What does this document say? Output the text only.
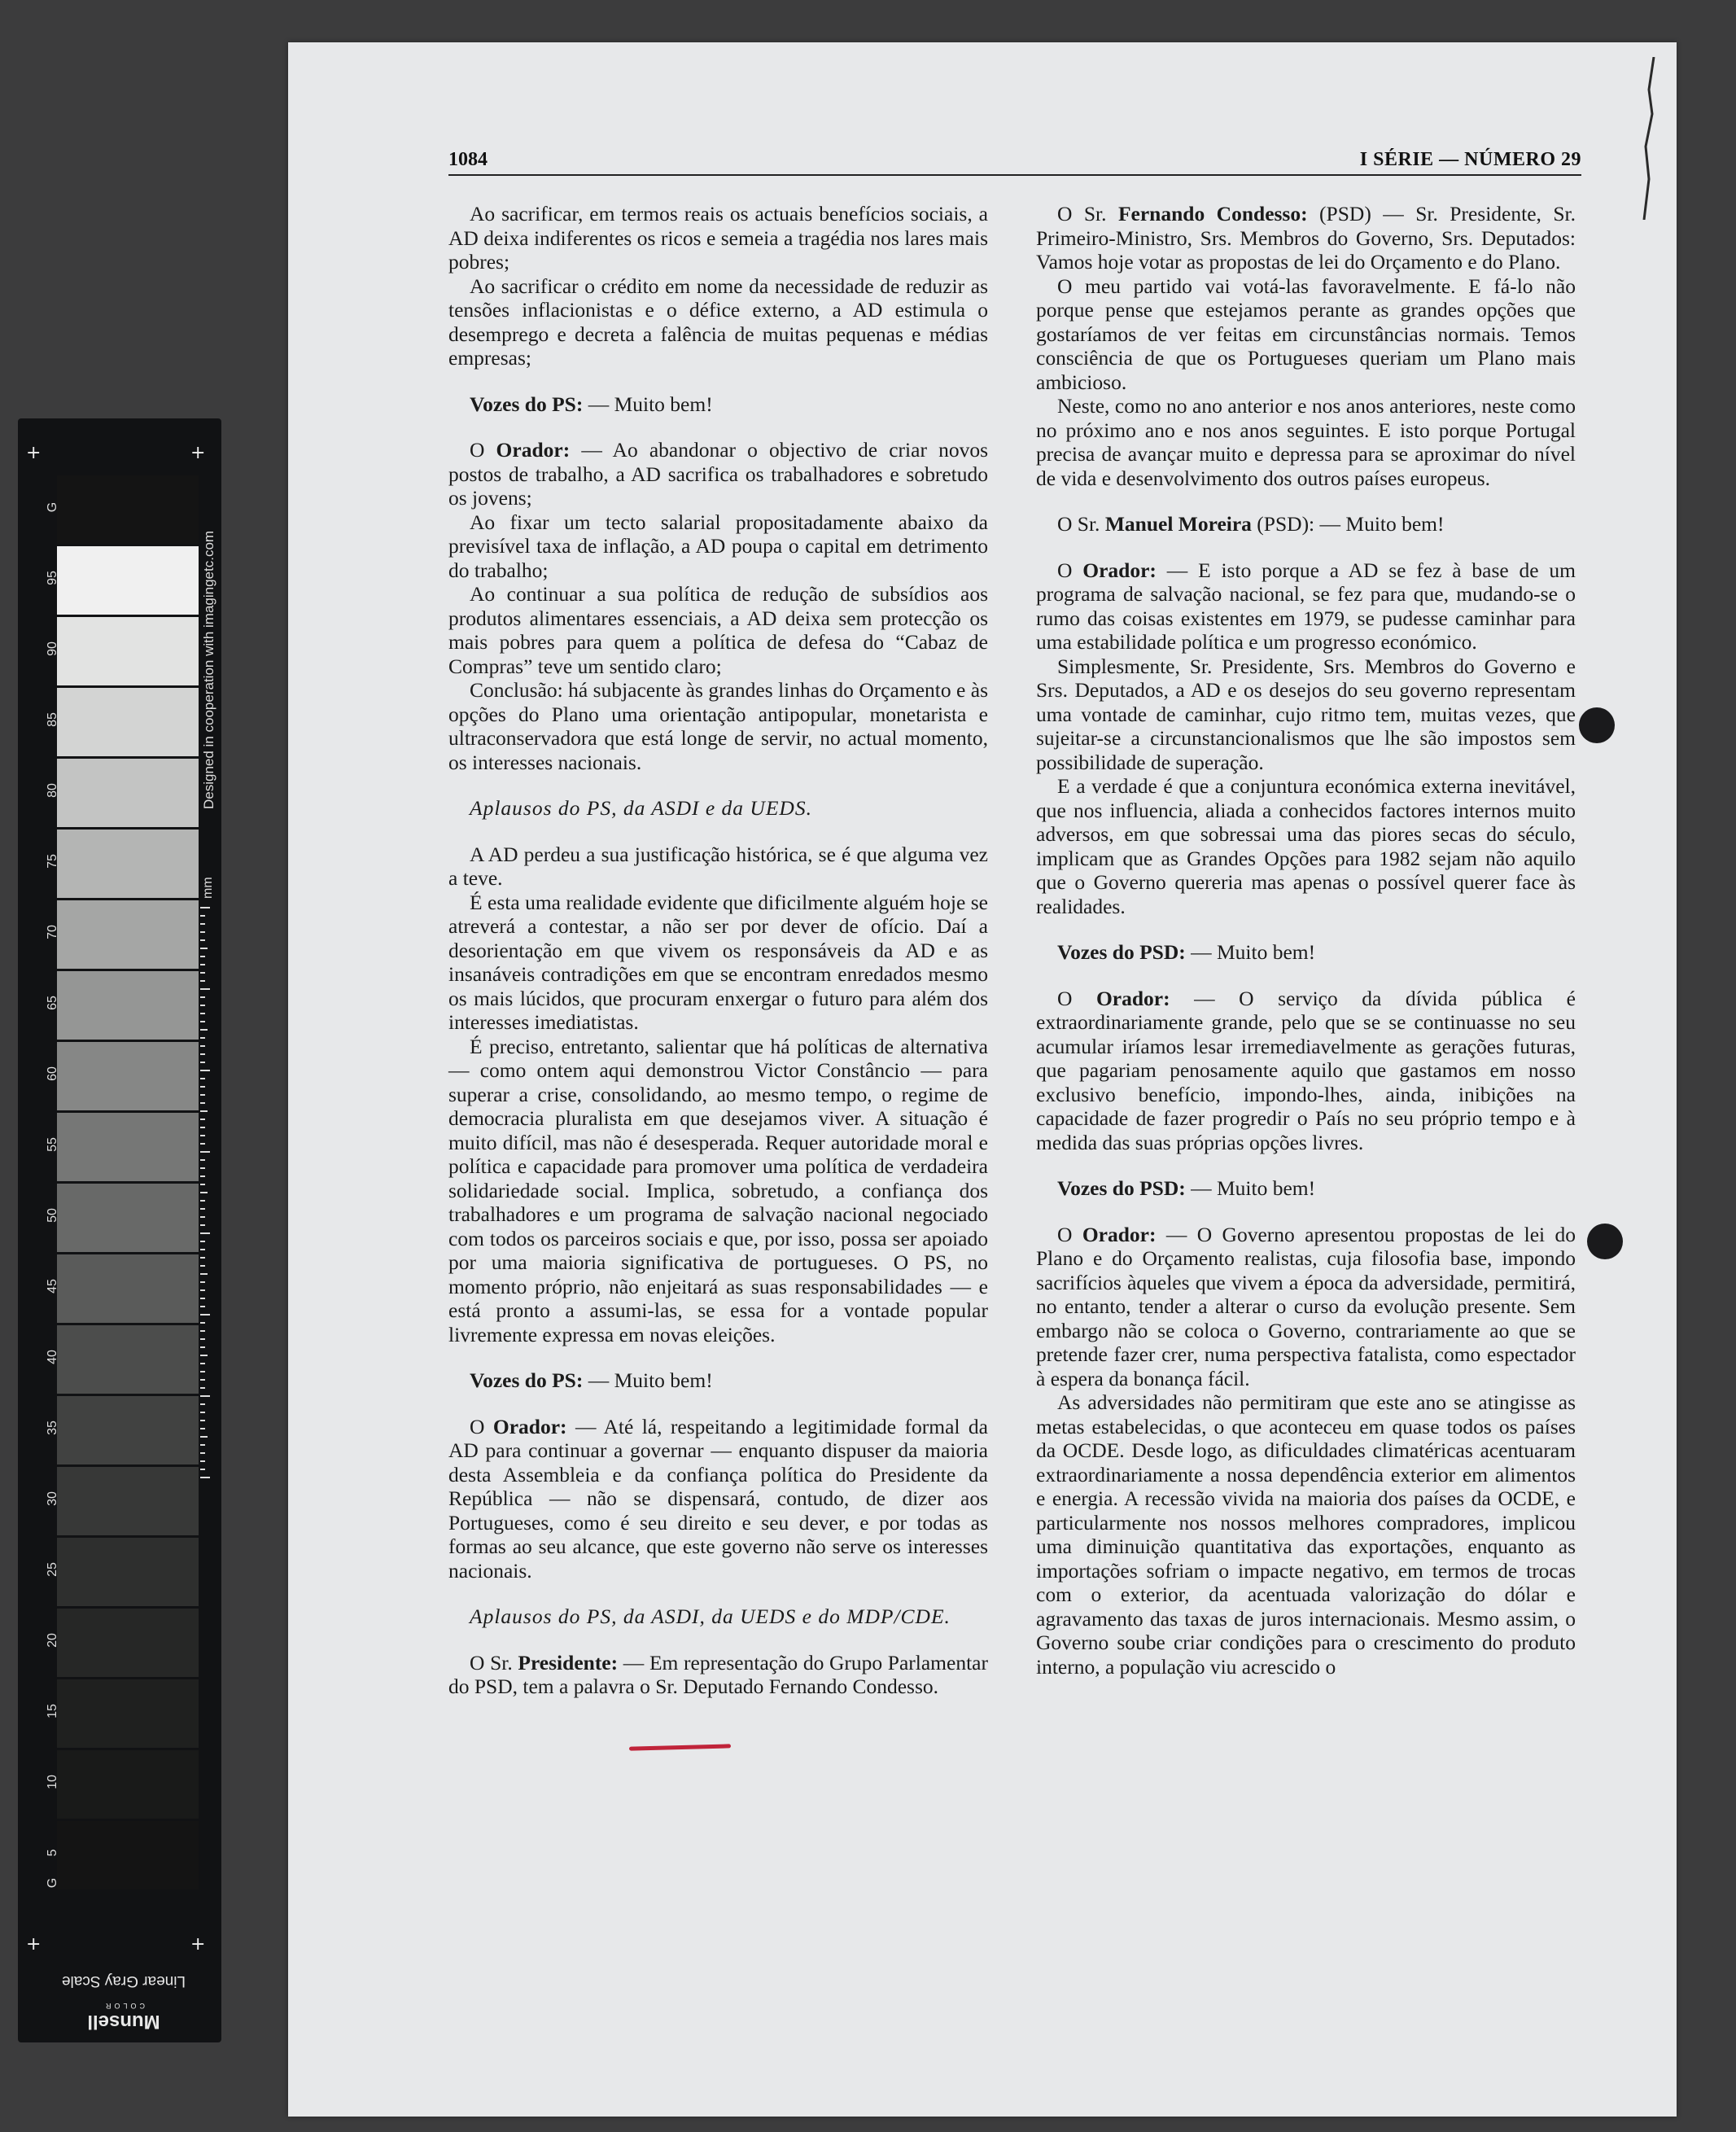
1084	I SÉRIE — NÚMERO 29

Ao sacrificar, em termos reais os actuais benefícios sociais, a AD deixa indiferentes os ricos e semeia a tragédia nos lares mais pobres;

Ao sacrificar o crédito em nome da necessidade de reduzir as tensões inflacionistas e o défice externo, a AD estimula o desemprego e decreta a falência de muitas pequenas e médias empresas;

Vozes do PS: — Muito bem!

O Orador: — Ao abandonar o objectivo de criar novos postos de trabalho, a AD sacrifica os trabalhadores e sobretudo os jovens;

Ao fixar um tecto salarial propositadamente abaixo da previsível taxa de inflação, a AD poupa o capital em detrimento do trabalho;

Ao continuar a sua política de redução de subsídios aos produtos alimentares essenciais, a AD deixa sem protecção os mais pobres para quem a política de defesa do “Cabaz de Compras” teve um sentido claro;

Conclusão: há subjacente às grandes linhas do Orçamento e às opções do Plano uma orientação antipopular, monetarista e ultraconservadora que está longe de servir, no actual momento, os interesses nacionais.

Aplausos do PS, da ASDI e da UEDS.

A AD perdeu a sua justificação histórica, se é que alguma vez a teve.

É esta uma realidade evidente que dificilmente alguém hoje se atreverá a contestar, a não ser por dever de ofício. Daí a desorientação em que vivem os responsáveis da AD e as insanáveis contradições em que se encontram enredados mesmo os mais lúcidos, que procuram enxergar o futuro para além dos interesses imediatistas.

É preciso, entretanto, salientar que há políticas de alternativa — como ontem aqui demonstrou Victor Constâncio — para superar a crise, consolidando, ao mesmo tempo, o regime de democracia pluralista em que desejamos viver. A situação é muito difícil, mas não é desesperada. Requer autoridade moral e política e capacidade para promover uma política de verdadeira solidariedade social. Implica, sobretudo, a confiança dos trabalhadores e um programa de salvação nacional negociado com todos os parceiros sociais e que, por isso, possa ser apoiado por uma maioria significativa de portugueses. O PS, no momento próprio, não enjeitará as suas responsabilidades — e está pronto a assumi-las, se essa for a vontade popular livremente expressa em novas eleições.

Vozes do PS: — Muito bem!

O Orador: — Até lá, respeitando a legitimidade formal da AD para continuar a governar — enquanto dispuser da maioria desta Assembleia e da confiança política do Presidente da República — não se dispensará, contudo, de dizer aos Portugueses, como é seu direito e seu dever, e por todas as formas ao seu alcance, que este governo não serve os interesses nacionais.

Aplausos do PS, da ASDI, da UEDS e do MDP/CDE.

O Sr. Presidente: — Em representação do Grupo Parlamentar do PSD, tem a palavra o Sr. Deputado Fernando Condesso.

O Sr. Fernando Condesso: (PSD) — Sr. Presidente, Sr. Primeiro-Ministro, Srs. Membros do Governo, Srs. Deputados: Vamos hoje votar as propostas de lei do Orçamento e do Plano.

O meu partido vai votá-las favoravelmente. E fá-lo não porque pense que estejamos perante as grandes opções que gostaríamos de ver feitas em circunstâncias normais. Temos consciência de que os Portugueses queriam um Plano mais ambicioso.

Neste, como no ano anterior e nos anos anteriores, neste como no próximo ano e nos anos seguintes. E isto porque Portugal precisa de avançar muito e depressa para se aproximar do nível de vida e desenvolvimento dos outros países europeus.

O Sr. Manuel Moreira (PSD): — Muito bem!

O Orador: — E isto porque a AD se fez à base de um programa de salvação nacional, se fez para que, mudando-se o rumo das coisas existentes em 1979, se pudesse caminhar para uma estabilidade política e um progresso económico.

Simplesmente, Sr. Presidente, Srs. Membros do Governo e Srs. Deputados, a AD e os desejos do seu governo representam uma vontade de caminhar, cujo ritmo tem, muitas vezes, que sujeitar-se a circunstancionalismos que lhe são impostos sem possibilidade de superação.

E a verdade é que a conjuntura económica externa inevitável, que nos influencia, aliada a conhecidos factores internos muito adversos, em que sobressai uma das piores secas do século, implicam que as Grandes Opções para 1982 sejam não aquilo que o Governo quereria mas apenas o possível querer face às realidades.

Vozes do PSD: — Muito bem!

O Orador: — O serviço da dívida pública é extraordinariamente grande, pelo que se se continuasse no seu acumular iríamos lesar irremediavelmente as gerações futuras, que pagariam penosamente aquilo que gastamos em nosso exclusivo benefício, impondo-lhes, ainda, inibições na capacidade de fazer progredir o País no seu próprio tempo e à medida das suas próprias opções livres.

Vozes do PSD: — Muito bem!

O Orador: — O Governo apresentou propostas de lei do Plano e do Orçamento realistas, cuja filosofia base, impondo sacrifícios àqueles que vivem a época da adversidade, permitirá, no entanto, tender a alterar o curso da evolução presente. Sem embargo não se coloca o Governo, contrariamente ao que se pretende fazer crer, numa perspectiva fatalista, como espectador à espera da bonança fácil.

As adversidades não permitiram que este ano se atingisse as metas estabelecidas, o que aconteceu em quase todos os países da OCDE. Desde logo, as dificuldades climatéricas acentuaram extraordinariamente a nossa dependência exterior em alimentos e energia. A recessão vivida na maioria dos países da OCDE, e particularmente nos nossos melhores compradores, implicou uma diminuição quantitativa das exportações, enquanto as importações sofriam o impacte negativo, em termos de trocas com o exterior, da acentuada valorização do dólar e agravamento das taxas de juros internacionais. Mesmo assim, o Governo soube criar condições para o crescimento do produto interno, a população viu acrescido o

G
95
90
85
80
75
70
65
60
55
50
45
40
35
30
25
20
15
10
5
G
Designed in cooperation with imagingetc.com
mm
Linear Gray Scale
Munsell
COLOR
+	+
+	+
